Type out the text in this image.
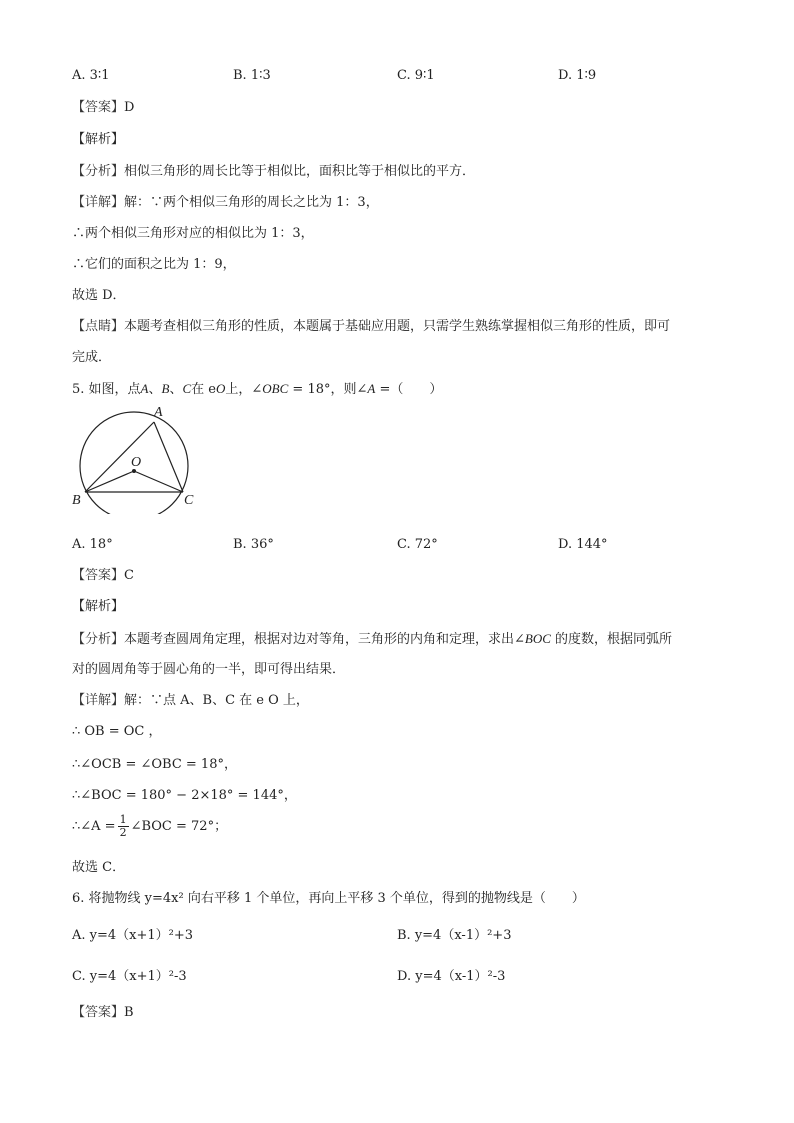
A. 3∶1	B. 1∶3	C. 9∶1	D. 1∶9
【答案】D
【解析】
【分析】相似三角形的周长比等于相似比，面积比等于相似比的平方．
【详解】解：∵两个相似三角形的周长之比为 1：3，
∴两个相似三角形对应的相似比为 1：3，
∴它们的面积之比为 1：9，
故选 D．
【点睛】本题考查相似三角形的性质，本题属于基础应用题，只需学生熟练掌握相似三角形的性质，即可
完成．
5. 如图，点A、B、C在 eO上，∠OBC = 18°，则∠A =（　　）
A
B	C
O
A. 18°	B. 36°	C. 72°	D. 144°
【答案】C
【解析】
【分析】本题考查圆周角定理，根据对边对等角，三角形的内角和定理，求出∠BOC 的度数，根据同弧所
对的圆周角等于圆心角的一半，即可得出结果．
【详解】解：∵点 A、B、C 在 e O 上，
∴ OB = OC ，
∴∠OCB = ∠OBC = 18°，
∴∠BOC = 180° − 2×18° = 144°，
∴∠A = $\frac{1}{2}$ ∠BOC = 72°；
故选 C．
6. 将抛物线 y=4x² 向右平移 1 个单位，再向上平移 3 个单位，得到的抛物线是（　　）
A. y=4（x+1）²+3	B. y=4（x-1）²+3
C. y=4（x+1）²-3	D. y=4（x-1）²-3
【答案】B
